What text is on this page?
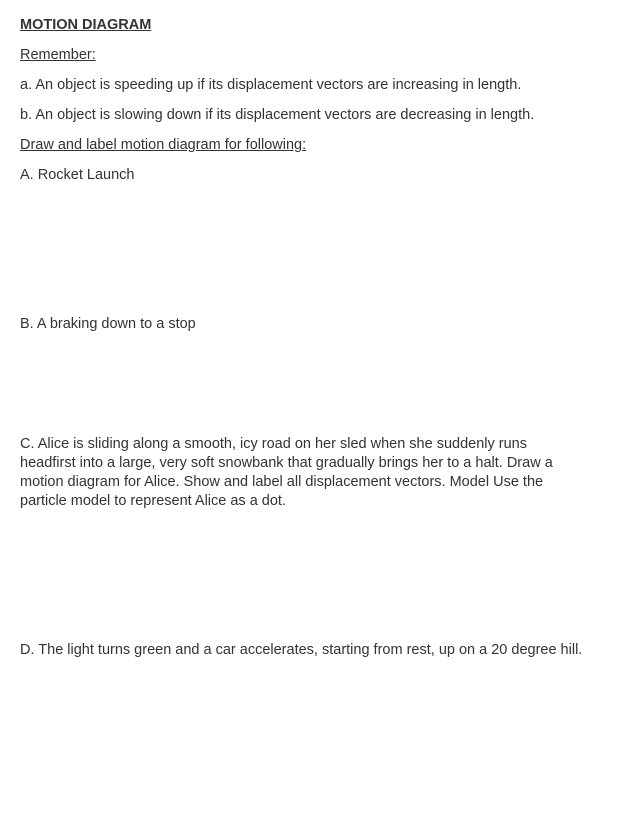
MOTION DIAGRAM

Remember:

a. An object is speeding up if its displacement vectors are increasing in length.

b. An object is slowing down if its displacement vectors are decreasing in length.

Draw and label motion diagram for following:

A. Rocket Launch

B. A braking down to a stop

C. Alice is sliding along a smooth, icy road on her sled when she suddenly runs
headfirst into a large, very soft snowbank that gradually brings her to a halt. Draw a
motion diagram for Alice. Show and label all displacement vectors. Model Use the
particle model to represent Alice as a dot.

D. The light turns green and a car accelerates, starting from rest, up on a 20 degree hill.
